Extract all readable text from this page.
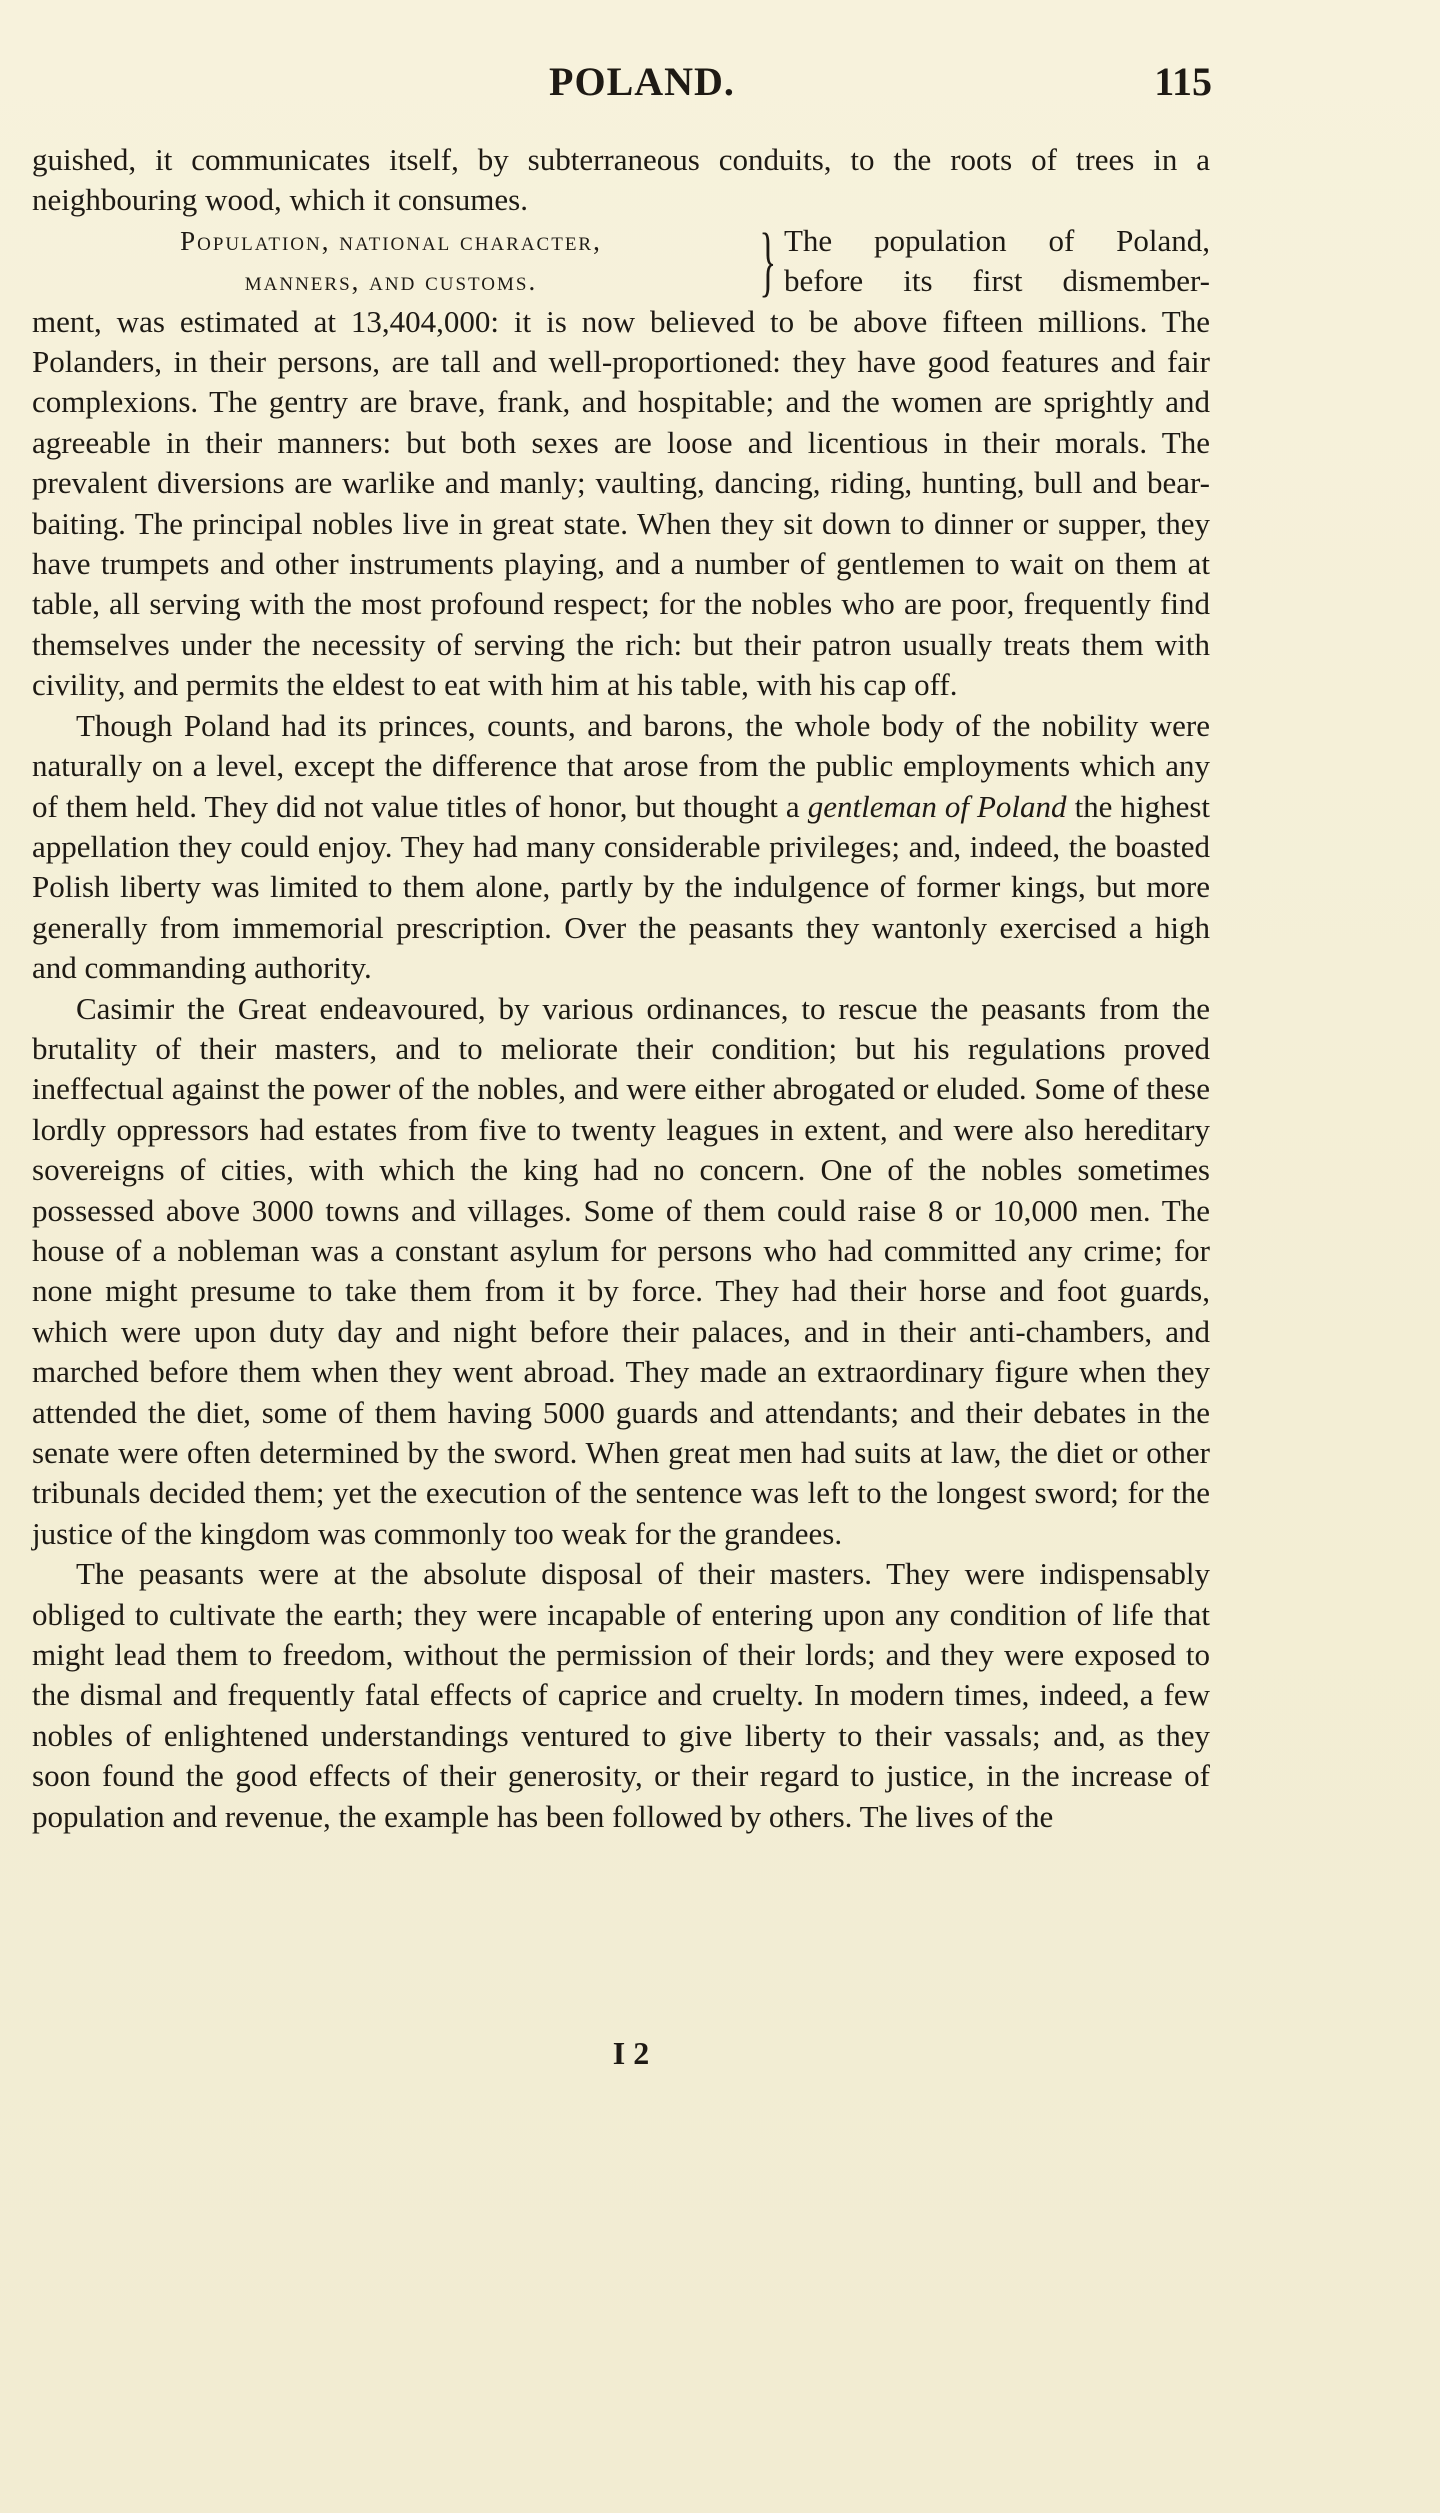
POLAND.	115

guished, it communicates itself, by subterraneous conduits, to the roots of trees in a neighbouring wood, which it consumes.

Population, national character,
manners, and customs.	} The population of Poland,
before its first dismember-

ment, was estimated at 13,404,000: it is now believed to be above fifteen millions. The Polanders, in their persons, are tall and well-proportioned: they have good features and fair complexions. The gentry are brave, frank, and hospitable; and the women are sprightly and agreeable in their manners: but both sexes are loose and licentious in their morals. The prevalent diversions are warlike and manly; vaulting, dancing, riding, hunting, bull and bear-baiting. The principal nobles live in great state. When they sit down to dinner or supper, they have trumpets and other instruments playing, and a number of gentlemen to wait on them at table, all serving with the most profound respect; for the nobles who are poor, frequently find themselves under the necessity of serving the rich: but their patron usually treats them with civility, and permits the eldest to eat with him at his table, with his cap off.

Though Poland had its princes, counts, and barons, the whole body of the nobility were naturally on a level, except the difference that arose from the public employments which any of them held. They did not value titles of honor, but thought a gentleman of Poland the highest appellation they could enjoy. They had many considerable privileges; and, indeed, the boasted Polish liberty was limited to them alone, partly by the indulgence of former kings, but more generally from immemorial prescription. Over the peasants they wantonly exercised a high and commanding authority.

Casimir the Great endeavoured, by various ordinances, to rescue the peasants from the brutality of their masters, and to meliorate their condition; but his regulations proved ineffectual against the power of the nobles, and were either abrogated or eluded. Some of these lordly oppressors had estates from five to twenty leagues in extent, and were also hereditary sovereigns of cities, with which the king had no concern. One of the nobles sometimes possessed above 3000 towns and villages. Some of them could raise 8 or 10,000 men. The house of a nobleman was a constant asylum for persons who had committed any crime; for none might presume to take them from it by force. They had their horse and foot guards, which were upon duty day and night before their palaces, and in their anti-chambers, and marched before them when they went abroad. They made an extraordinary figure when they attended the diet, some of them having 5000 guards and attendants; and their debates in the senate were often determined by the sword. When great men had suits at law, the diet or other tribunals decided them; yet the execution of the sentence was left to the longest sword; for the justice of the kingdom was commonly too weak for the grandees.

The peasants were at the absolute disposal of their masters. They were indispensably obliged to cultivate the earth; they were incapable of entering upon any condition of life that might lead them to freedom, without the permission of their lords; and they were exposed to the dismal and frequently fatal effects of caprice and cruelty. In modern times, indeed, a few nobles of enlightened understandings ventured to give liberty to their vassals; and, as they soon found the good effects of their generosity, or their regard to justice, in the increase of population and revenue, the example has been followed by others. The lives of the

I 2
